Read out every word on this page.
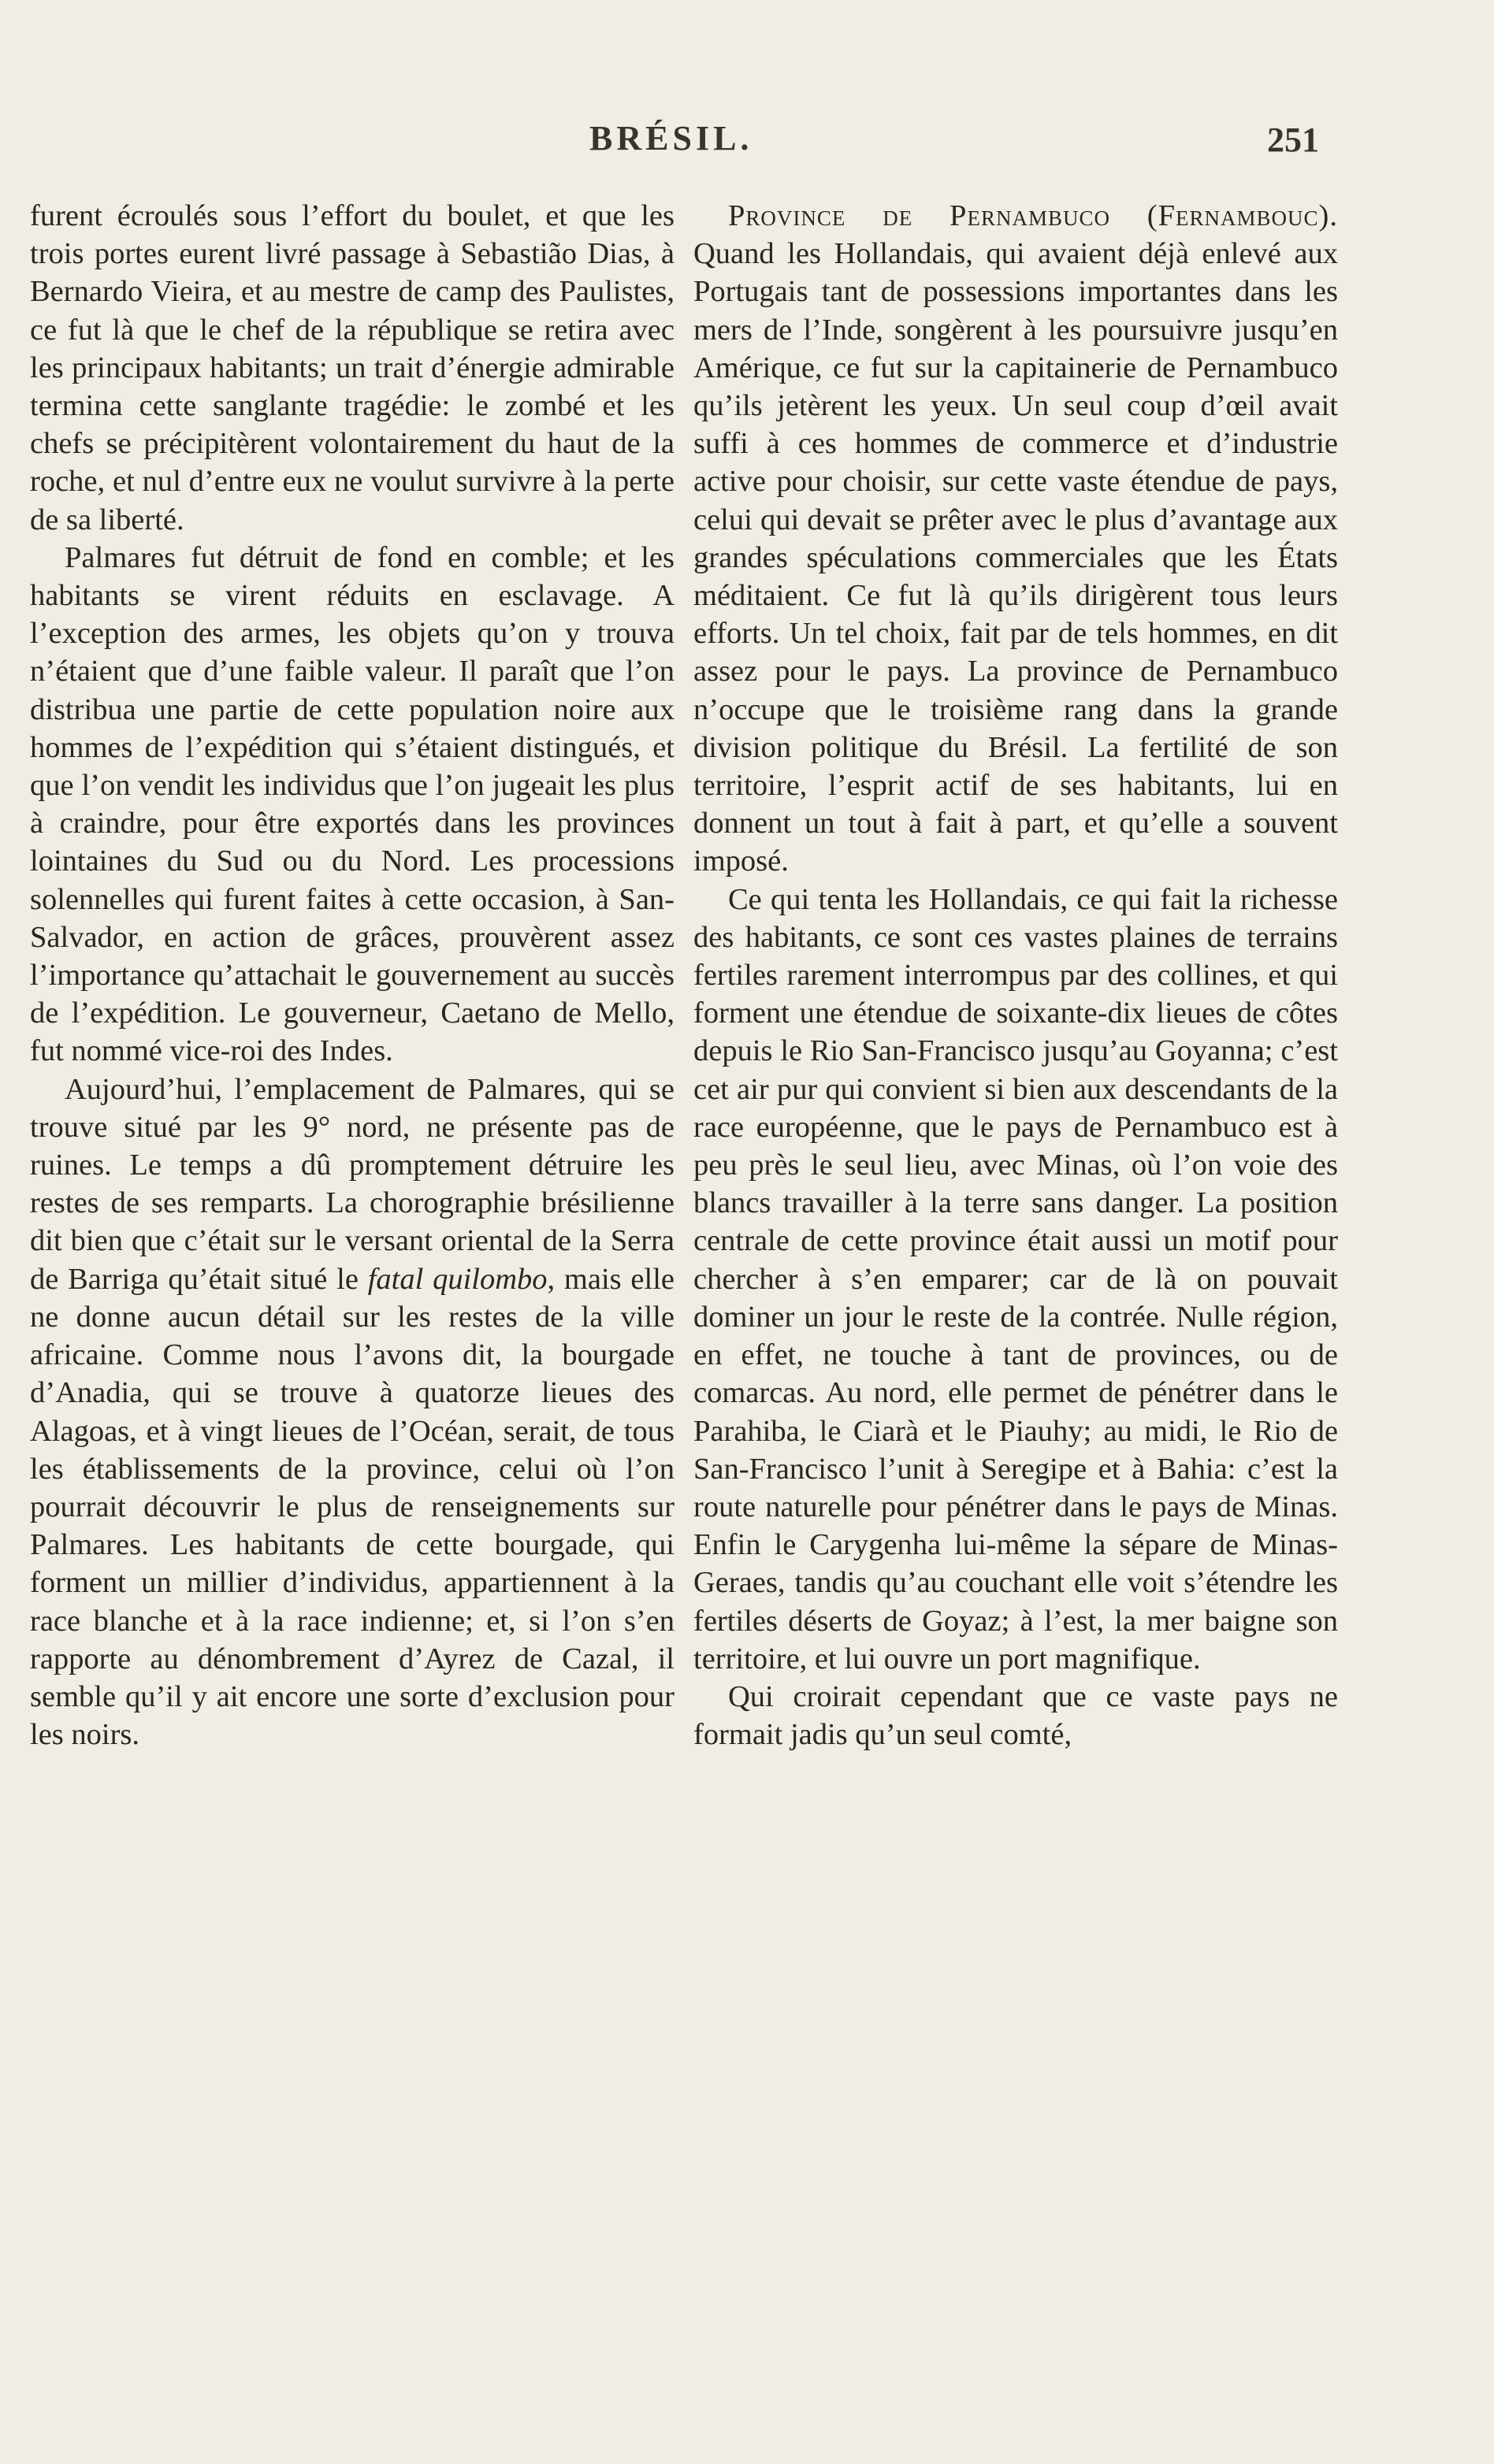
BRÉSIL.	251

furent écroulés sous l’effort du boulet, et que les trois portes eurent livré passage à Sebastião Dias, à Bernardo Vieira, et au mestre de camp des Paulistes, ce fut là que le chef de la république se retira avec les principaux habitants; un trait d’énergie admirable termina cette sanglante tragédie: le zombé et les chefs se précipitèrent volontairement du haut de la roche, et nul d’entre eux ne voulut survivre à la perte de sa liberté.

Palmares fut détruit de fond en comble; et les habitants se virent réduits en esclavage. A l’exception des armes, les objets qu’on y trouva n’étaient que d’une faible valeur. Il paraît que l’on distribua une partie de cette population noire aux hommes de l’expédition qui s’étaient distingués, et que l’on vendit les individus que l’on jugeait les plus à craindre, pour être exportés dans les provinces lointaines du Sud ou du Nord. Les processions solennelles qui furent faites à cette occasion, à San-Salvador, en action de grâces, prouvèrent assez l’importance qu’attachait le gouvernement au succès de l’expédition. Le gouverneur, Caetano de Mello, fut nommé vice-roi des Indes.

Aujourd’hui, l’emplacement de Palmares, qui se trouve situé par les 9° nord, ne présente pas de ruines. Le temps a dû promptement détruire les restes de ses remparts. La chorographie brésilienne dit bien que c’était sur le versant oriental de la Serra de Barriga qu’était situé le fatal quilombo, mais elle ne donne aucun détail sur les restes de la ville africaine. Comme nous l’avons dit, la bourgade d’Anadia, qui se trouve à quatorze lieues des Alagoas, et à vingt lieues de l’Océan, serait, de tous les établissements de la province, celui où l’on pourrait découvrir le plus de renseignements sur Palmares. Les habitants de cette bourgade, qui forment un millier d’individus, appartiennent à la race blanche et à la race indienne; et, si l’on s’en rapporte au dénombrement d’Ayrez de Cazal, il semble qu’il y ait encore une sorte d’exclusion pour les noirs.

Province de Pernambuco (Fernambouc). Quand les Hollandais, qui avaient déjà enlevé aux Portugais tant de possessions importantes dans les mers de l’Inde, songèrent à les poursuivre jusqu’en Amérique, ce fut sur la capitainerie de Pernambuco qu’ils jetèrent les yeux. Un seul coup d’œil avait suffi à ces hommes de commerce et d’industrie active pour choisir, sur cette vaste étendue de pays, celui qui devait se prêter avec le plus d’avantage aux grandes spéculations commerciales que les États méditaient. Ce fut là qu’ils dirigèrent tous leurs efforts. Un tel choix, fait par de tels hommes, en dit assez pour le pays. La province de Pernambuco n’occupe que le troisième rang dans la grande division politique du Brésil. La fertilité de son territoire, l’esprit actif de ses habitants, lui en donnent un tout à fait à part, et qu’elle a souvent imposé.

Ce qui tenta les Hollandais, ce qui fait la richesse des habitants, ce sont ces vastes plaines de terrains fertiles rarement interrompus par des collines, et qui forment une étendue de soixante-dix lieues de côtes depuis le Rio San-Francisco jusqu’au Goyanna; c’est cet air pur qui convient si bien aux descendants de la race européenne, que le pays de Pernambuco est à peu près le seul lieu, avec Minas, où l’on voie des blancs travailler à la terre sans danger. La position centrale de cette province était aussi un motif pour chercher à s’en emparer; car de là on pouvait dominer un jour le reste de la contrée. Nulle région, en effet, ne touche à tant de provinces, ou de comarcas. Au nord, elle permet de pénétrer dans le Parahiba, le Ciarà et le Piauhy; au midi, le Rio de San-Francisco l’unit à Seregipe et à Bahia: c’est la route naturelle pour pénétrer dans le pays de Minas. Enfin le Carygenha lui-même la sépare de Minas-Geraes, tandis qu’au couchant elle voit s’étendre les fertiles déserts de Goyaz; à l’est, la mer baigne son territoire, et lui ouvre un port magnifique.

Qui croirait cependant que ce vaste pays ne formait jadis qu’un seul comté,
